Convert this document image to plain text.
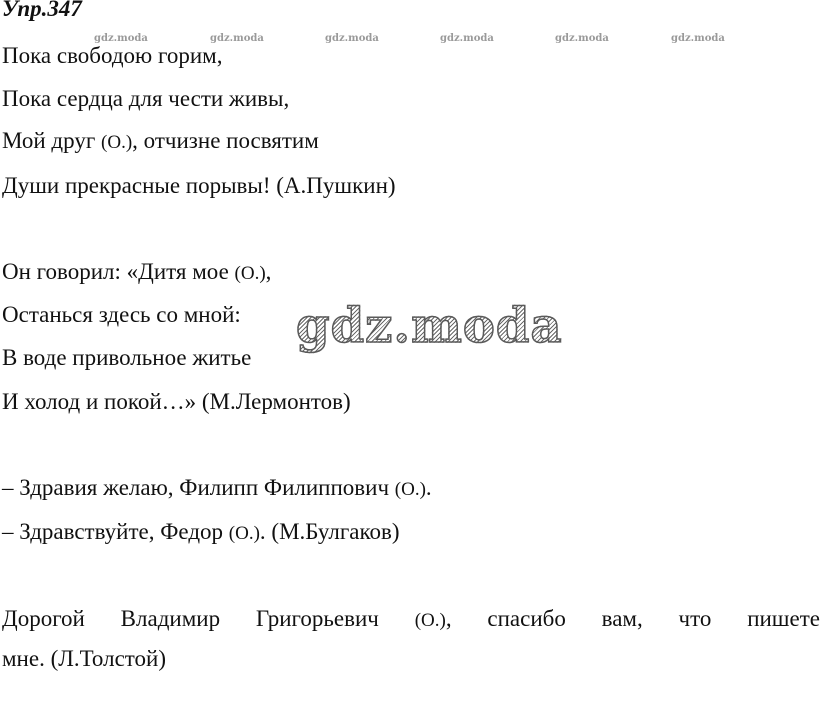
Упр.347
gdz.moda	gdz.moda	gdz.moda	gdz.moda	gdz.moda	gdz.moda
Пока свободою горим,
Пока сердца для чести живы,
Мой друг (О.), отчизне посвятим
Души прекрасные порывы! (А.Пушкин)
Он говорил: «Дитя мое (О.),
Останься здесь со мной:
В воде привольное житье
И холод и покой…» (М.Лермонтов)
– Здравия желаю, Филипп Филиппович (О.).
– Здравствуйте, Федор (О.). (М.Булгаков)
Дорогой Владимир Григорьевич (О.), спасибо вам, что пишете
мне. (Л.Толстой)
gdz.moda
